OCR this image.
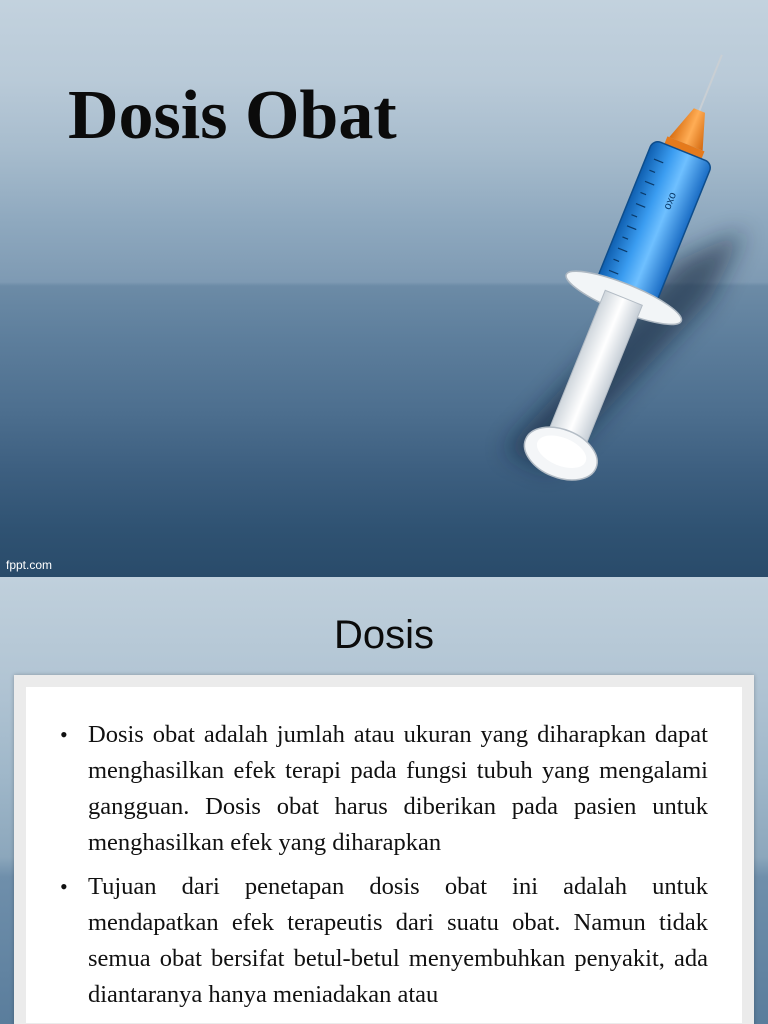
Dosis Obat
oxo
fppt.com
Dosis
• Dosis obat adalah jumlah atau ukuran yang diharapkan dapat menghasilkan efek terapi pada fungsi tubuh yang mengalami gangguan. Dosis obat harus diberikan pada pasien untuk menghasilkan efek yang diharapkan
• Tujuan dari penetapan dosis obat ini adalah untuk mendapatkan efek terapeutis dari suatu obat. Namun tidak semua obat bersifat betul-betul menyembuhkan penyakit, ada diantaranya hanya meniadakan atau
